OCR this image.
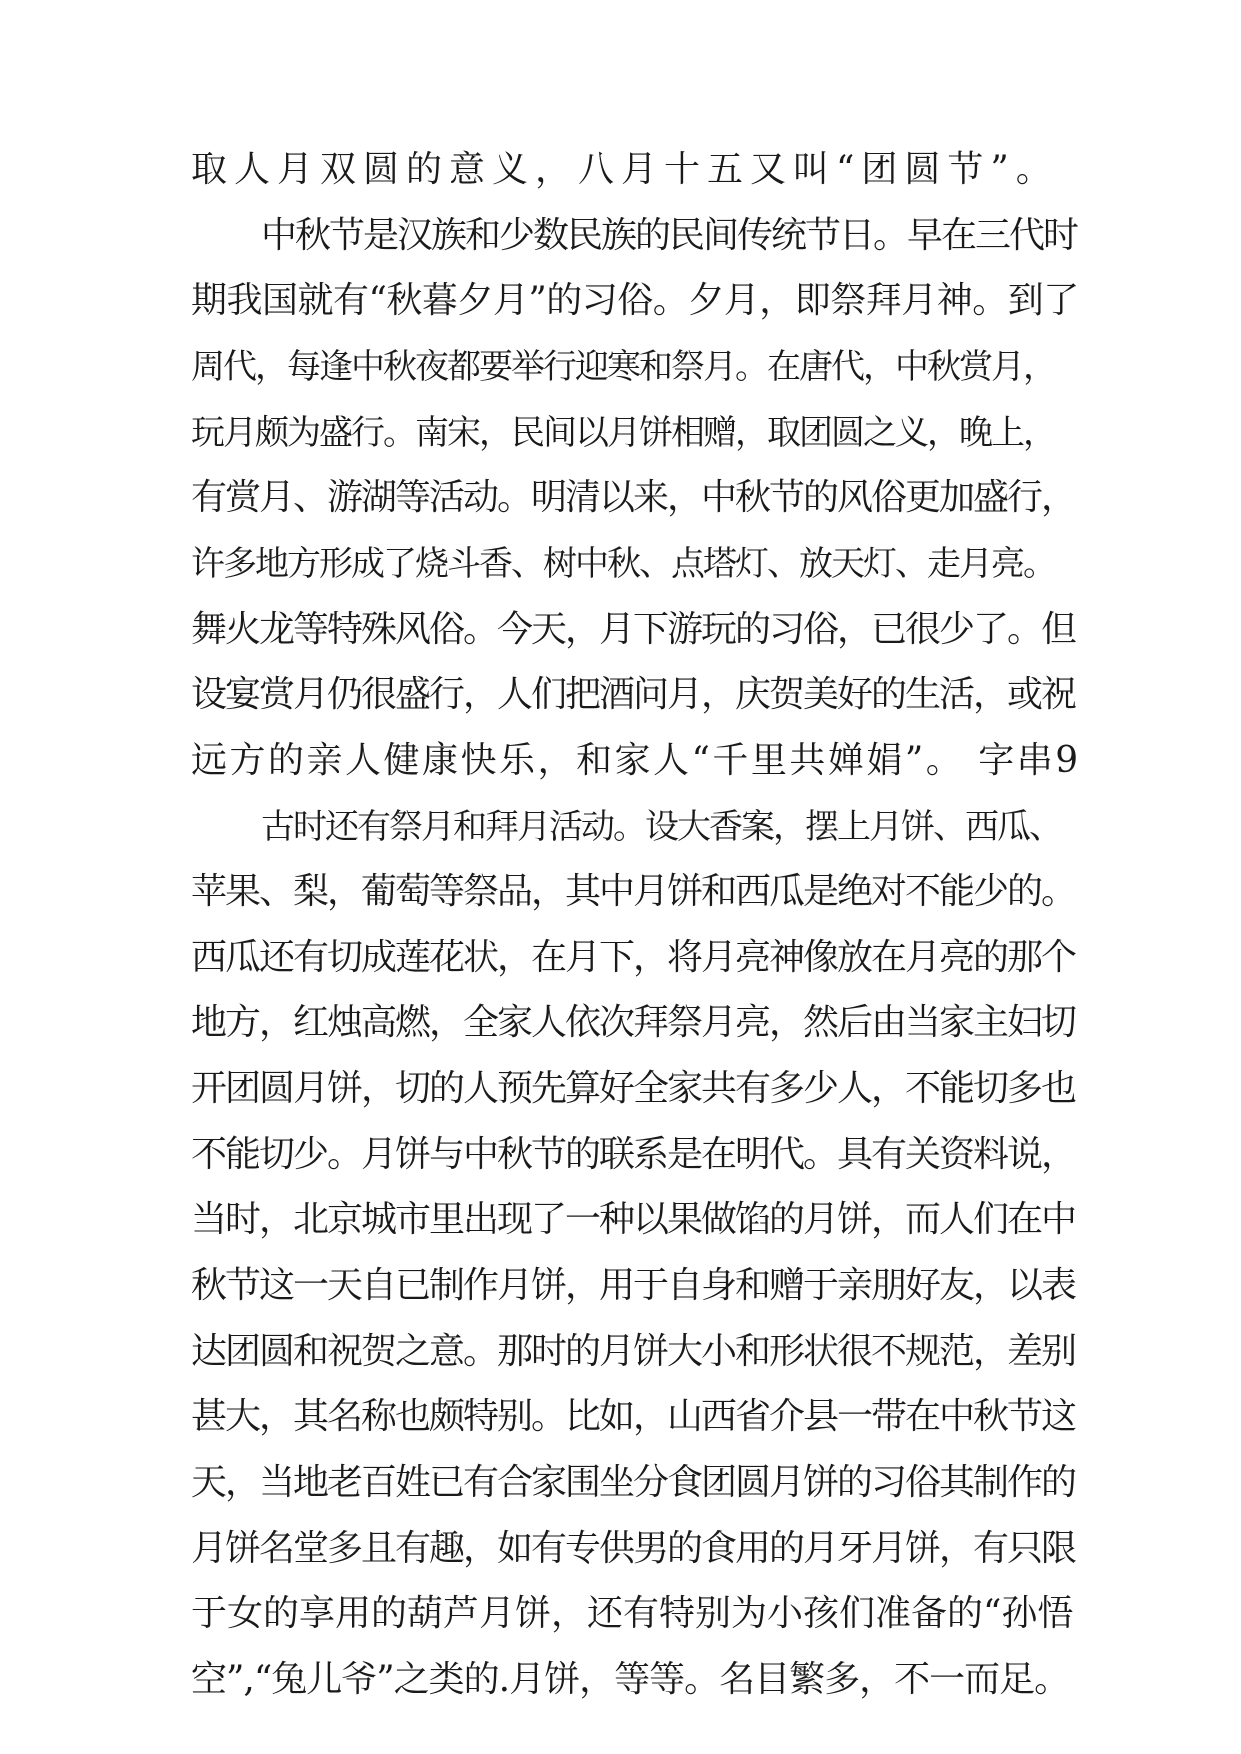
取人月双圆的意义，八月十五又叫“团圆节”。
中秋节是汉族和少数民族的民间传统节日。早在三代时
期我国就有“秋暮夕月”的习俗。夕月，即祭拜月神。到了
周代，每逢中秋夜都要举行迎寒和祭月。在唐代，中秋赏月，
玩月颇为盛行。南宋，民间以月饼相赠，取团圆之义，晚上，
有赏月、游湖等活动。明清以来，中秋节的风俗更加盛行，
许多地方形成了烧斗香、树中秋、点塔灯、放天灯、走月亮。
舞火龙等特殊风俗。今天，月下游玩的习俗，已很少了。但
设宴赏月仍很盛行，人们把酒问月，庆贺美好的生活，或祝
远方的亲人健康快乐，和家人“千里共婵娟”。 字串9
古时还有祭月和拜月活动。设大香案，摆上月饼、西瓜、
苹果、梨，葡萄等祭品，其中月饼和西瓜是绝对不能少的。
西瓜还有切成莲花状，在月下，将月亮神像放在月亮的那个
地方，红烛高燃，全家人依次拜祭月亮，然后由当家主妇切
开团圆月饼，切的人预先算好全家共有多少人，不能切多也
不能切少。月饼与中秋节的联系是在明代。具有关资料说，
当时，北京城市里出现了一种以果做馅的月饼，而人们在中
秋节这一天自已制作月饼，用于自身和赠于亲朋好友，以表
达团圆和祝贺之意。那时的月饼大小和形状很不规范，差别
甚大，其名称也颇特别。比如，山西省介县一带在中秋节这
天，当地老百姓已有合家围坐分食团圆月饼的习俗其制作的
月饼名堂多且有趣，如有专供男的食用的月牙月饼，有只限
于女的享用的葫芦月饼，还有特别为小孩们准备的“孙悟
空”,“兔儿爷”之类的.月饼，等等。名目繁多，不一而足。
